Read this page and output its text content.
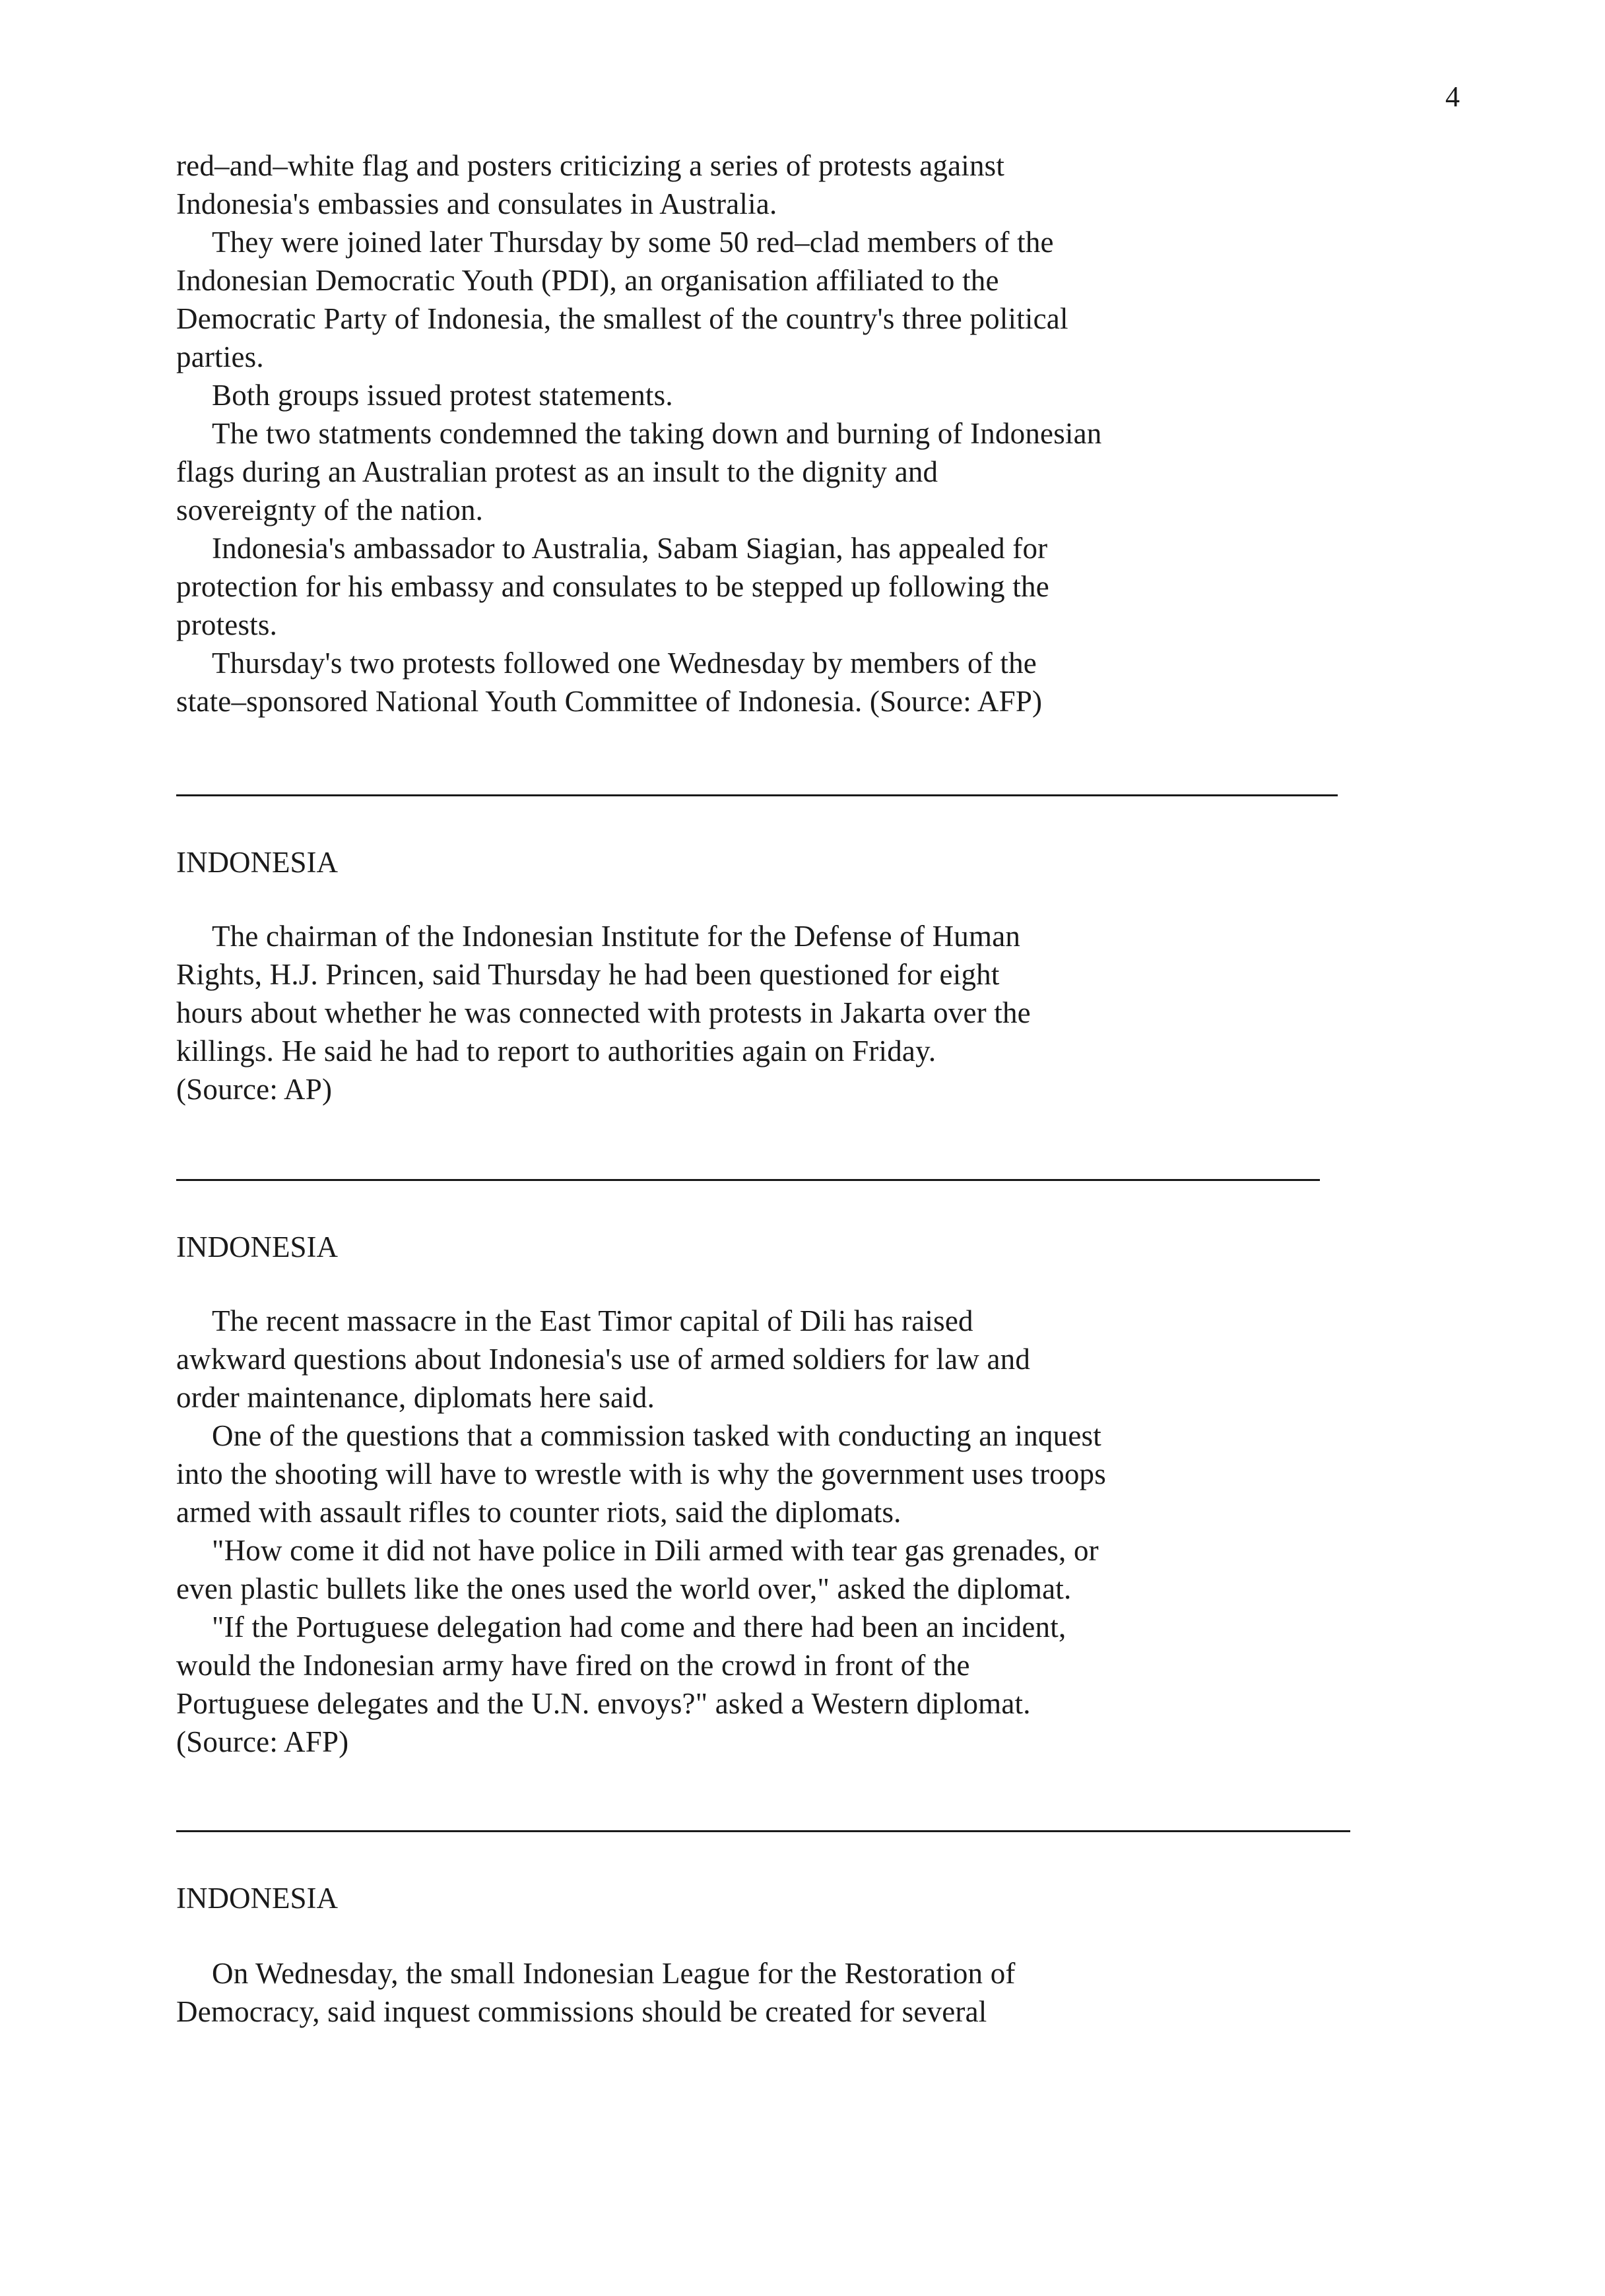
4
red–and–white flag and posters criticizing a series of protests against
Indonesia's embassies and consulates in Australia.
They were joined later Thursday by some 50 red–clad members of the
Indonesian Democratic Youth (PDI), an organisation affiliated to the
Democratic Party of Indonesia, the smallest of the country's three political
parties.
Both groups issued protest statements.
The two statments condemned the taking down and burning of Indonesian
flags during an Australian protest as an insult to the dignity and
sovereignty of the nation.
Indonesia's ambassador to Australia, Sabam Siagian, has appealed for
protection for his embassy and consulates to be stepped up following the
protests.
Thursday's two protests followed one Wednesday by members of the
state–sponsored National Youth Committee of Indonesia. (Source: AFP)
INDONESIA
The chairman of the Indonesian Institute for the Defense of Human
Rights, H.J. Princen, said Thursday he had been questioned for eight
hours about whether he was connected with protests in Jakarta over the
killings. He said he had to report to authorities again on Friday.
(Source: AP)
INDONESIA
The recent massacre in the East Timor capital of Dili has raised
awkward questions about Indonesia's use of armed soldiers for law and
order maintenance, diplomats here said.
One of the questions that a commission tasked with conducting an inquest
into the shooting will have to wrestle with is why the government uses troops
armed with assault rifles to counter riots, said the diplomats.
"How come it did not have police in Dili armed with tear gas grenades, or
even plastic bullets like the ones used the world over," asked the diplomat.
"If the Portuguese delegation had come and there had been an incident,
would the Indonesian army have fired on the crowd in front of the
Portuguese delegates and the U.N. envoys?" asked a Western diplomat.
(Source: AFP)
INDONESIA
On Wednesday, the small Indonesian League for the Restoration of
Democracy, said inquest commissions should be created for several
